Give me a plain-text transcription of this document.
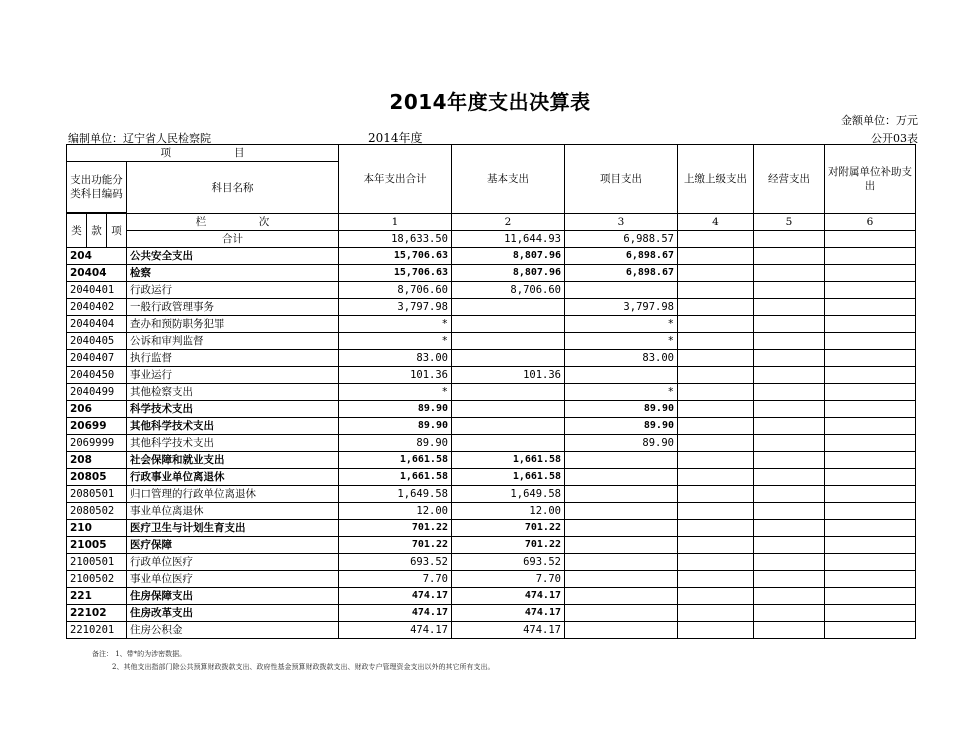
2014年度支出决算表
金额单位：万元
编制单位：辽宁省人民检察院	2014年度	公开03表
项　　　　　　目				本年支出合计	基本支出	项目支出	上缴上级支出	经营支出	对附属单位补助支出
支出功能分类科目编码			科目名称						

类	款	项	栏　　　　　次	1	2	3	4	5	6
			合计	18,633.50	11,644.93	6,988.57			
204			公共安全支出	15,706.63	8,807.96	6,898.67			
20404			检察	15,706.63	8,807.96	6,898.67			
2040401			行政运行	8,706.60	8,706.60				
2040402			一般行政管理事务	3,797.98		3,797.98			
2040404			查办和预防职务犯罪	*		*			
2040405			公诉和审判监督	*		*			
2040407			执行监督	83.00		83.00			
2040450			事业运行	101.36	101.36				
2040499			其他检察支出	*		*			
206			科学技术支出	89.90		89.90			
20699			其他科学技术支出	89.90		89.90			
2069999			其他科学技术支出	89.90		89.90			
208			社会保障和就业支出	1,661.58	1,661.58				
20805			行政事业单位离退休	1,661.58	1,661.58				
2080501			归口管理的行政单位离退休	1,649.58	1,649.58				
2080502			事业单位离退休	12.00	12.00				
210			医疗卫生与计划生育支出	701.22	701.22				
21005			医疗保障	701.22	701.22				
2100501			行政单位医疗	693.52	693.52				
2100502			事业单位医疗	7.70	7.70				
221			住房保障支出	474.17	474.17				
22102			住房改革支出	474.17	474.17				
2210201			住房公积金	474.17	474.17				
备注： 1、带*的为涉密数据。
2、其他支出指部门除公共预算财政拨款支出、政府性基金预算财政拨款支出、财政专户管理资金支出以外的其它所有支出。
